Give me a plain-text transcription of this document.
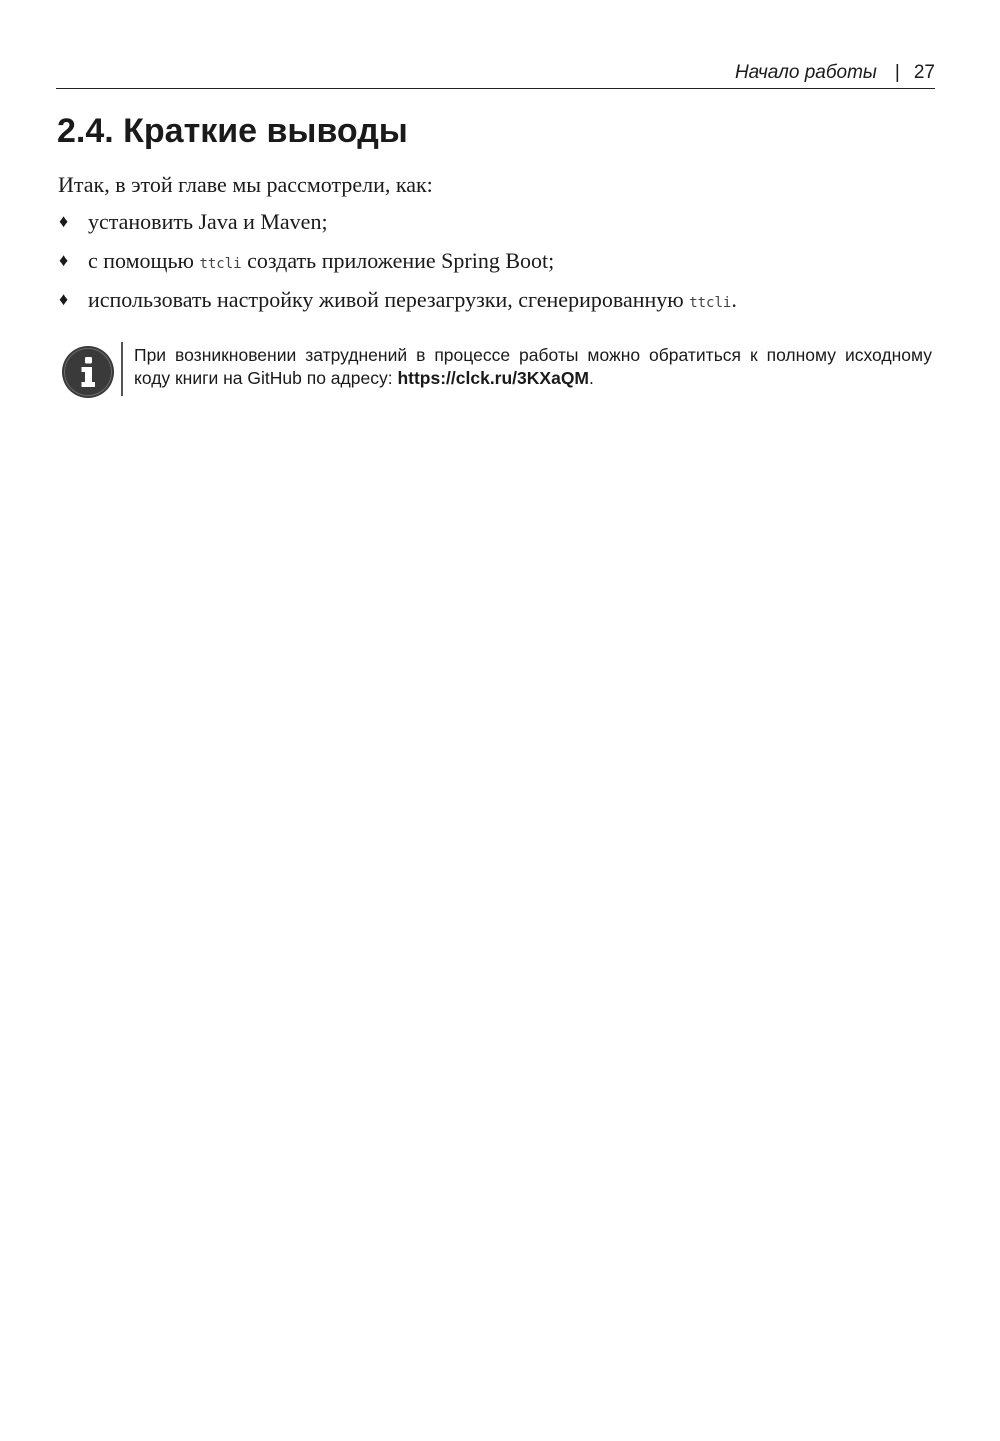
Начало работы | 27
2.4. Краткие выводы

Итак, в этой главе мы рассмотрели, как:

♦ установить Java и Maven;
♦ с помощью ttcli создать приложение Spring Boot;
♦ использовать настройку живой перезагрузки, сгенерированную ttcli.

При возникновении затруднений в процессе работы можно обратиться к полному исходному коду книги на GitHub по адресу: https://clck.ru/3KXaQM.
